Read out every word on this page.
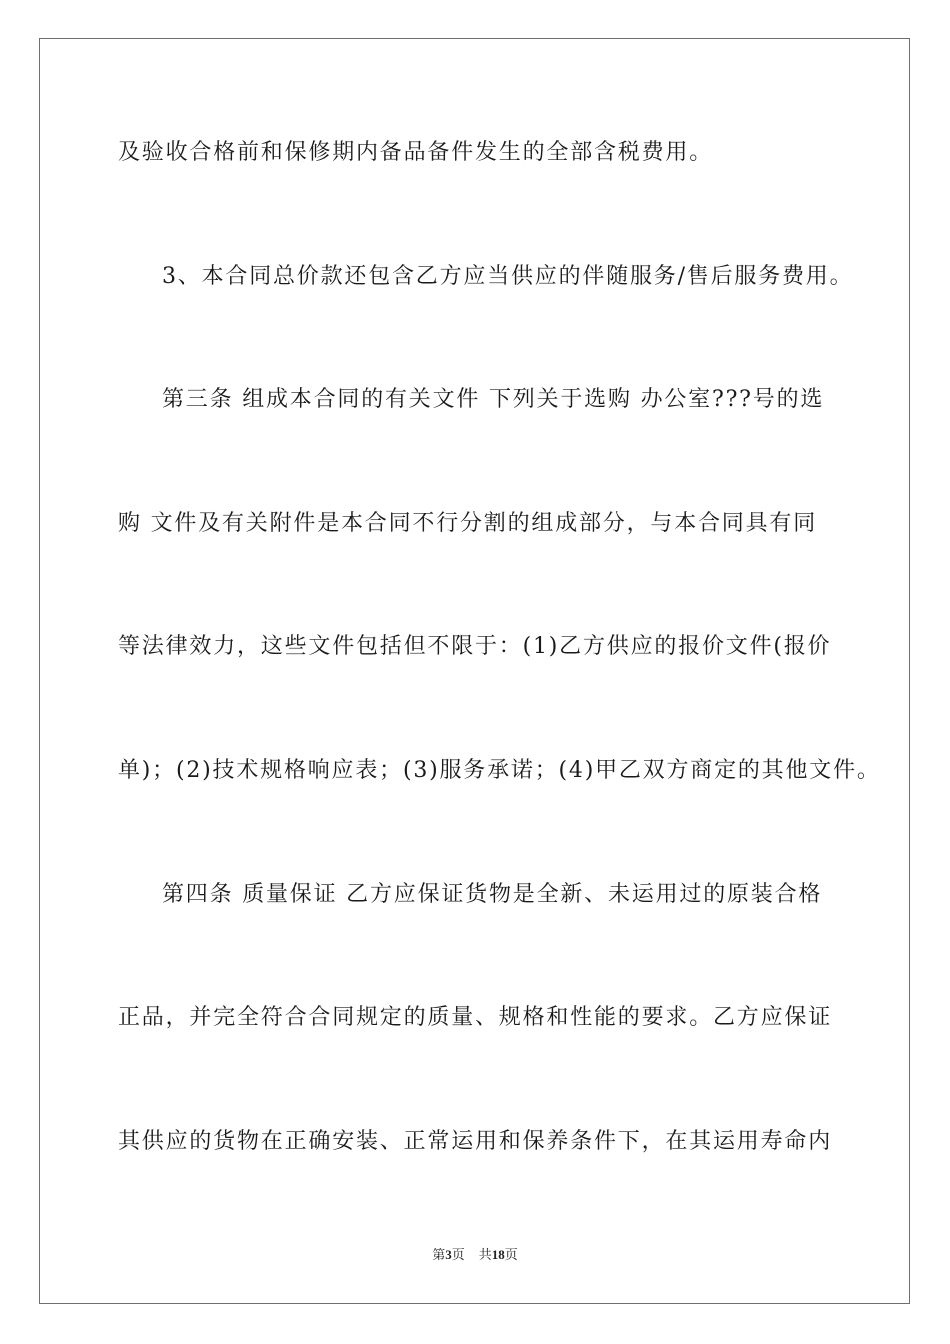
及验收合格前和保修期内备品备件发生的全部含税费用。
3、本合同总价款还包含乙方应当供应的伴随服务/售后服务费用。
第三条 组成本合同的有关文件 下列关于选购 办公室???号的选
购 文件及有关附件是本合同不行分割的组成部分，与本合同具有同
等法律效力，这些文件包括但不限于：(1)乙方供应的报价文件(报价
单)；(2)技术规格响应表；(3)服务承诺；(4)甲乙双方商定的其他文件。
第四条 质量保证 乙方应保证货物是全新、未运用过的原装合格
正品，并完全符合合同规定的质量、规格和性能的要求。乙方应保证
其供应的货物在正确安装、正常运用和保养条件下，在其运用寿命内
第3页 共18页
